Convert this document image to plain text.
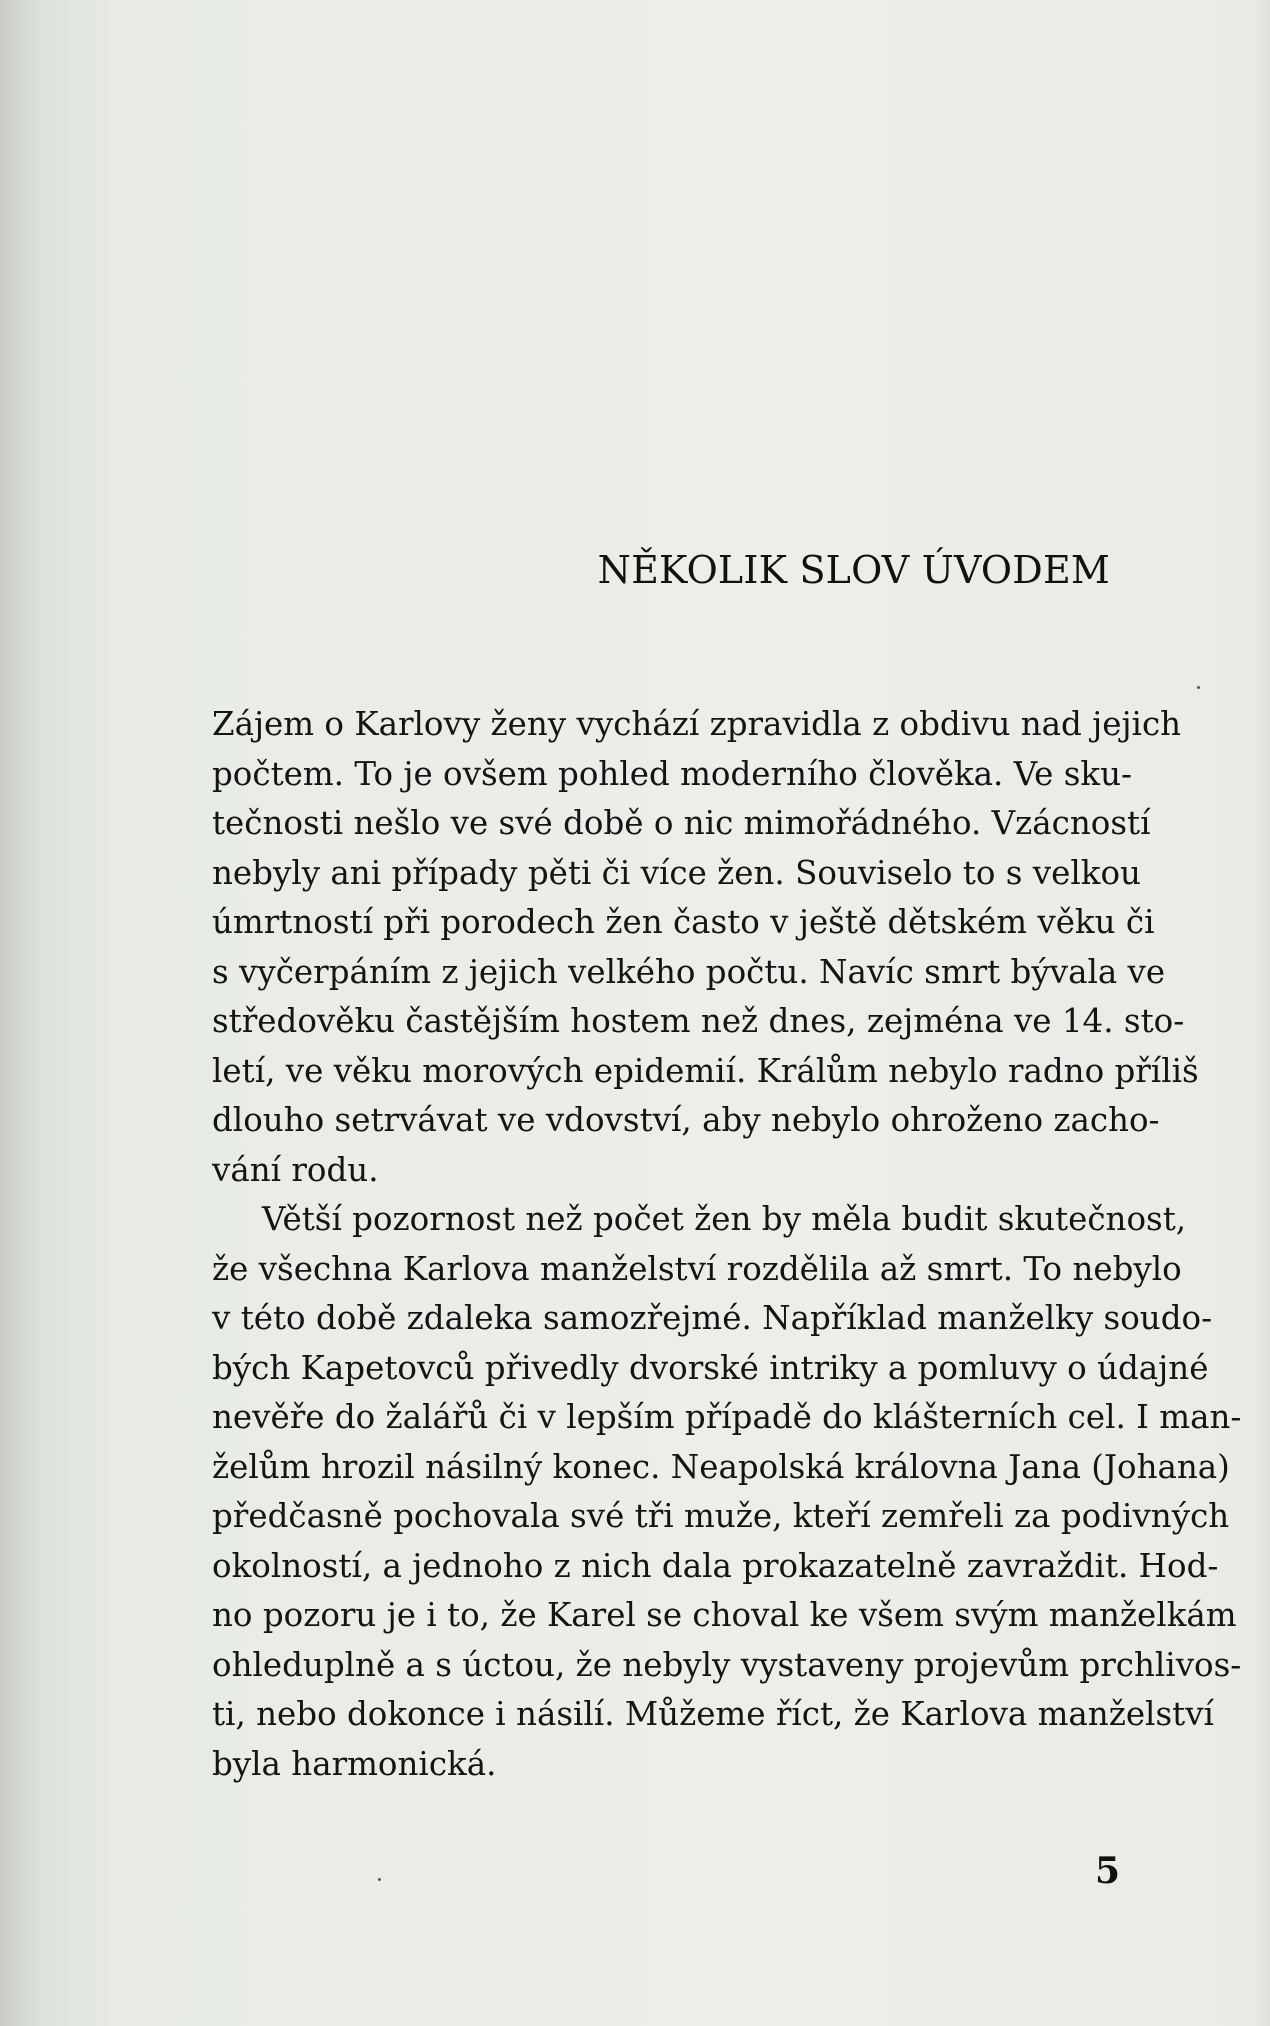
NĚKOLIK SLOV ÚVODEM

Zájem o Karlovy ženy vychází zpravidla z obdivu nad jejich
počtem. To je ovšem pohled moderního člověka. Ve sku-
tečnosti nešlo ve své době o nic mimořádného. Vzácností
nebyly ani případy pěti či více žen. Souviselo to s velkou
úmrtností při porodech žen často v ještě dětském věku či
s vyčerpáním z jejich velkého počtu. Navíc smrt bývala ve
středověku častějším hostem než dnes, zejména ve 14. sto-
letí, ve věku morových epidemií. Králům nebylo radno příliš
dlouho setrvávat ve vdovství, aby nebylo ohroženo zacho-
vání rodu.

Větší pozornost než počet žen by měla budit skutečnost,
že všechna Karlova manželství rozdělila až smrt. To nebylo
v této době zdaleka samozřejmé. Například manželky soudo-
bých Kapetovců přivedly dvorské intriky a pomluvy o údajné
nevěře do žalářů či v lepším případě do klášterních cel. I man-
želům hrozil násilný konec. Neapolská královna Jana (Johana)
předčasně pochovala své tři muže, kteří zemřeli za podivných
okolností, a jednoho z nich dala prokazatelně zavraždit. Hod-
no pozoru je i to, že Karel se choval ke všem svým manželkám
ohleduplně a s úctou, že nebyly vystaveny projevům prchlivos-
ti, nebo dokonce i násilí. Můžeme říct, že Karlova manželství
byla harmonická.

5
